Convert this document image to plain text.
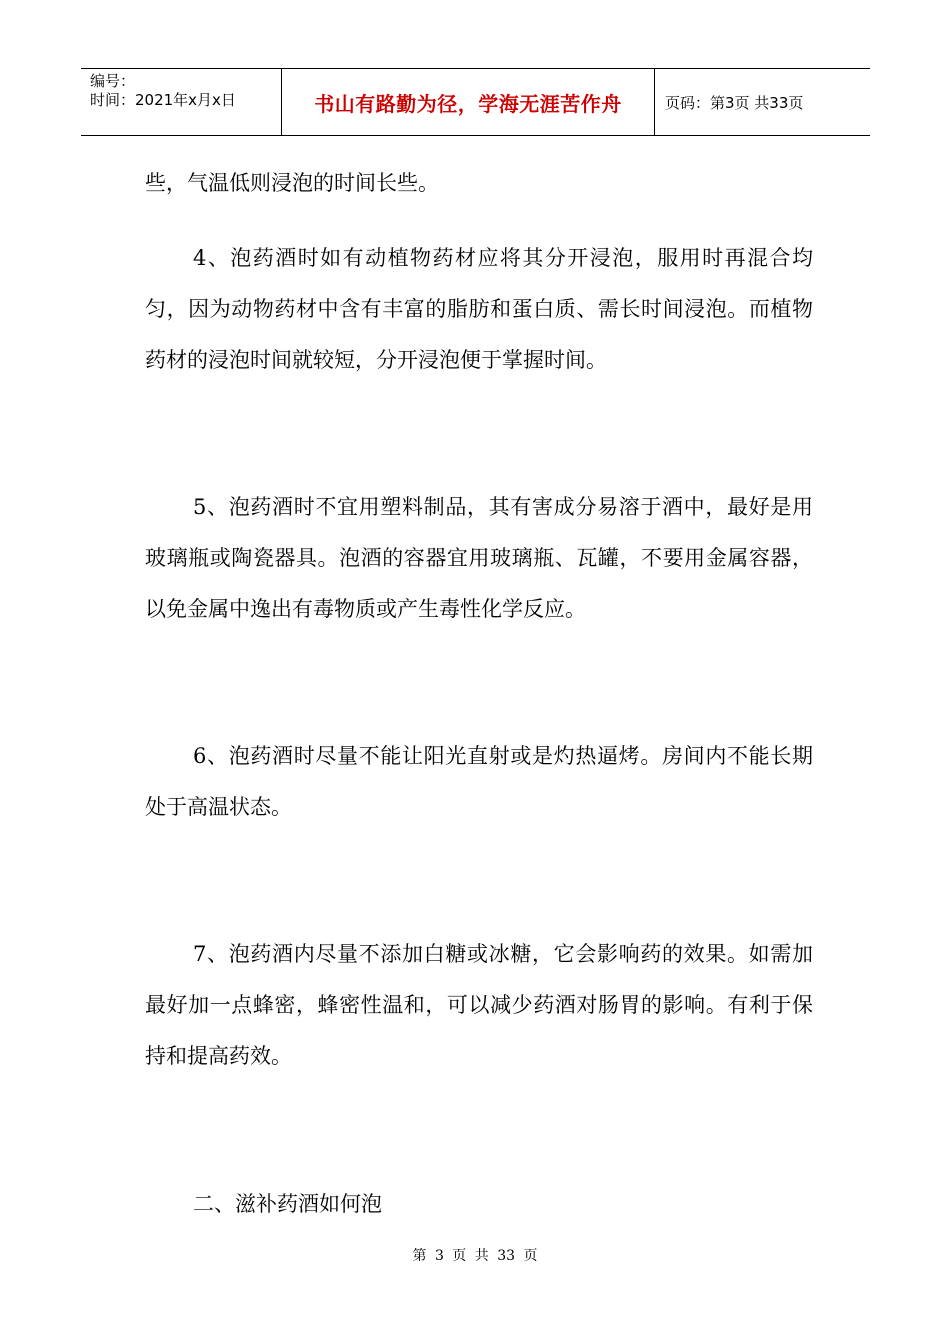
编号：
时间：2021年x月x日	书山有路勤为径，学海无涯苦作舟	页码：第3页 共33页

些，气温低则浸泡的时间长些。

4、泡药酒时如有动植物药材应将其分开浸泡，服用时再混合均匀，因为动物药材中含有丰富的脂肪和蛋白质、需长时间浸泡。而植物药材的浸泡时间就较短，分开浸泡便于掌握时间。

5、泡药酒时不宜用塑料制品，其有害成分易溶于酒中，最好是用玻璃瓶或陶瓷器具。泡酒的容器宜用玻璃瓶、瓦罐，不要用金属容器，以免金属中逸出有毒物质或产生毒性化学反应。

6、泡药酒时尽量不能让阳光直射或是灼热逼烤。房间内不能长期处于高温状态。

7、泡药酒内尽量不添加白糖或冰糖，它会影响药的效果。如需加最好加一点蜂密，蜂密性温和，可以减少药酒对肠胃的影响。有利于保持和提高药效。

二、滋补药酒如何泡

第 3 页 共 33 页
